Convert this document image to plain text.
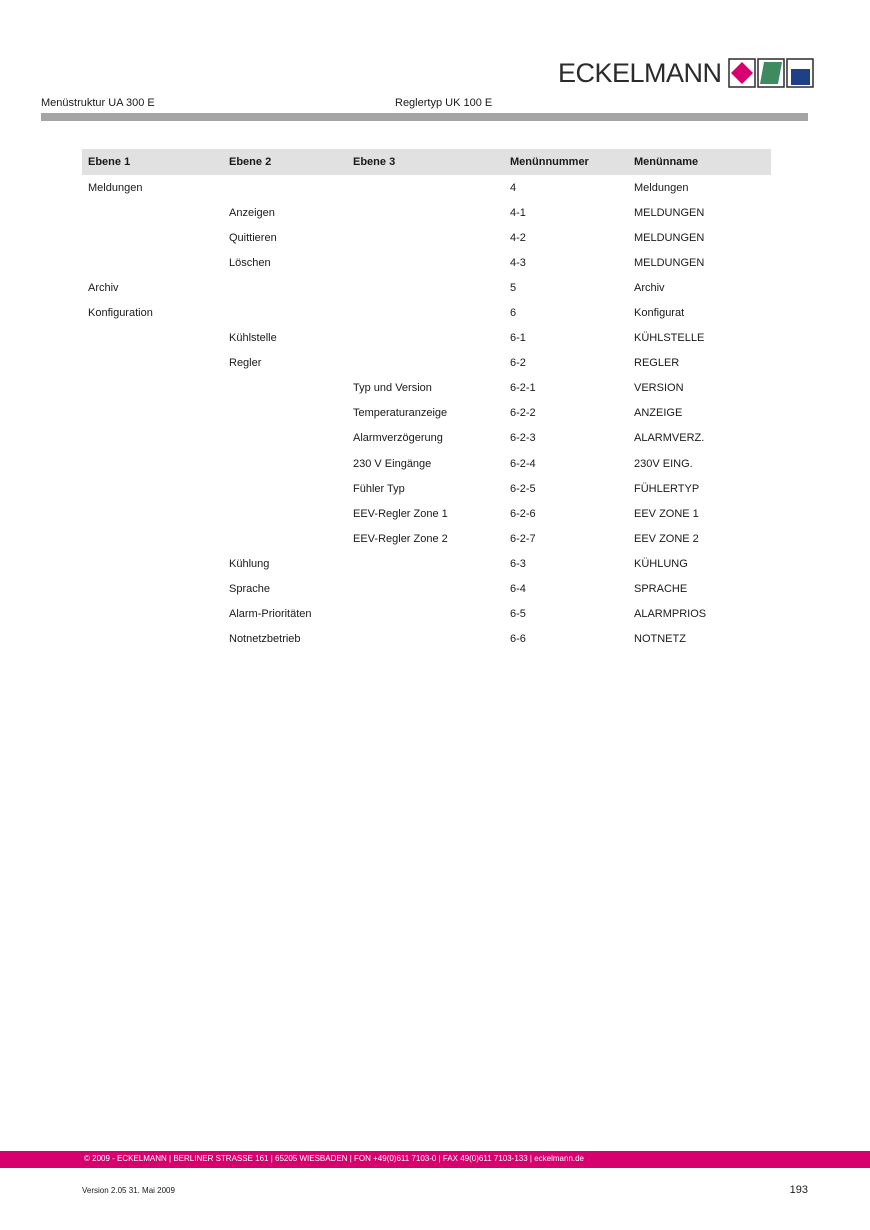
ECKELMANN
Menüstruktur UA 300 E	Reglertyp UK 100 E
Ebene 1	Ebene 2	Ebene 3	Menünnummer	Menünname
Meldungen			4	Meldungen
	Anzeigen		4-1	MELDUNGEN
	Quittieren		4-2	MELDUNGEN
	Löschen		4-3	MELDUNGEN
Archiv			5	Archiv
Konfiguration			6	Konfigurat
	Kühlstelle		6-1	KÜHLSTELLE
	Regler		6-2	REGLER
		Typ und Version	6-2-1	VERSION
		Temperaturanzeige	6-2-2	ANZEIGE
		Alarmverzögerung	6-2-3	ALARMVERZ.
		230 V Eingänge	6-2-4	230V EING.
		Fühler Typ	6-2-5	FÜHLERTYP
		EEV-Regler Zone 1	6-2-6	EEV ZONE 1
		EEV-Regler Zone 2	6-2-7	EEV ZONE 2
	Kühlung		6-3	KÜHLUNG
	Sprache		6-4	SPRACHE
	Alarm-Prioritäten		6-5	ALARMPRIOS
	Notnetzbetrieb		6-6	NOTNETZ
© 2009 - ECKELMANN | BERLINER STRASSE 161 | 65205 WIESBADEN | FON +49(0)611 7103-0 | FAX 49(0)611 7103-133 | eckelmann.de
Version 2.05 31. Mai 2009	193
